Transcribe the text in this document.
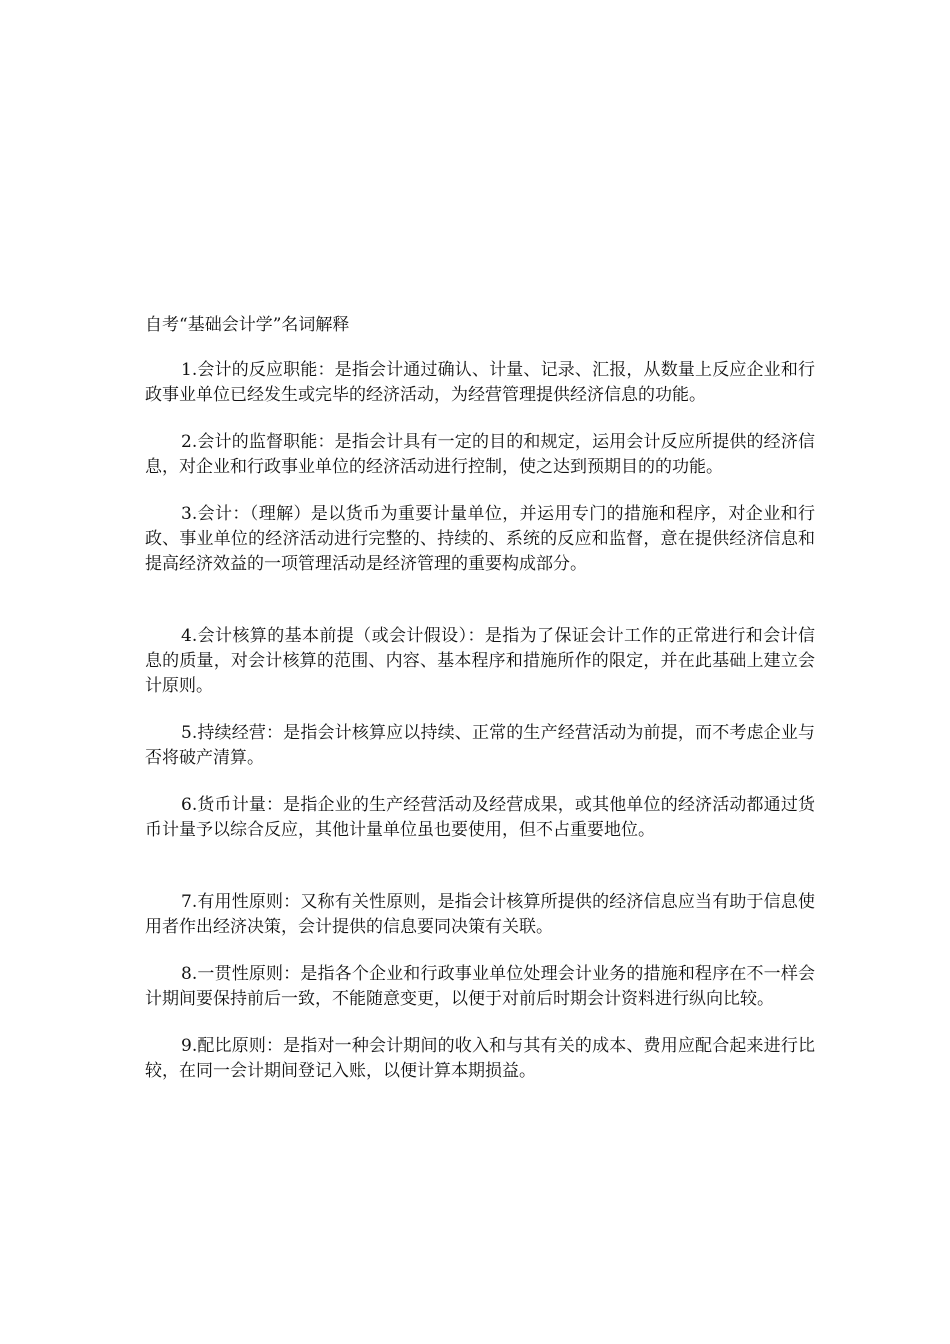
自考“基础会计学”名词解释

1.会计的反应职能：是指会计通过确认、计量、记录、汇报，从数量上反应企业和行政事业单位已经发生或完毕的经济活动，为经营管理提供经济信息的功能。

2.会计的监督职能：是指会计具有一定的目的和规定，运用会计反应所提供的经济信息，对企业和行政事业单位的经济活动进行控制，使之达到预期目的的功能。

3.会计：（理解）是以货币为重要计量单位，并运用专门的措施和程序，对企业和行政、事业单位的经济活动进行完整的、持续的、系统的反应和监督，意在提供经济信息和提高经济效益的一项管理活动是经济管理的重要构成部分。

4.会计核算的基本前提（或会计假设）：是指为了保证会计工作的正常进行和会计信息的质量，对会计核算的范围、内容、基本程序和措施所作的限定，并在此基础上建立会计原则。

5.持续经营：是指会计核算应以持续、正常的生产经营活动为前提，而不考虑企业与否将破产清算。

6.货币计量：是指企业的生产经营活动及经营成果，或其他单位的经济活动都通过货币计量予以综合反应，其他计量单位虽也要使用，但不占重要地位。

7.有用性原则：又称有关性原则，是指会计核算所提供的经济信息应当有助于信息使用者作出经济决策，会计提供的信息要同决策有关联。

8.一贯性原则：是指各个企业和行政事业单位处理会计业务的措施和程序在不一样会计期间要保持前后一致，不能随意变更，以便于对前后时期会计资料进行纵向比较。

9.配比原则：是指对一种会计期间的收入和与其有关的成本、费用应配合起来进行比较，在同一会计期间登记入账，以便计算本期损益。
